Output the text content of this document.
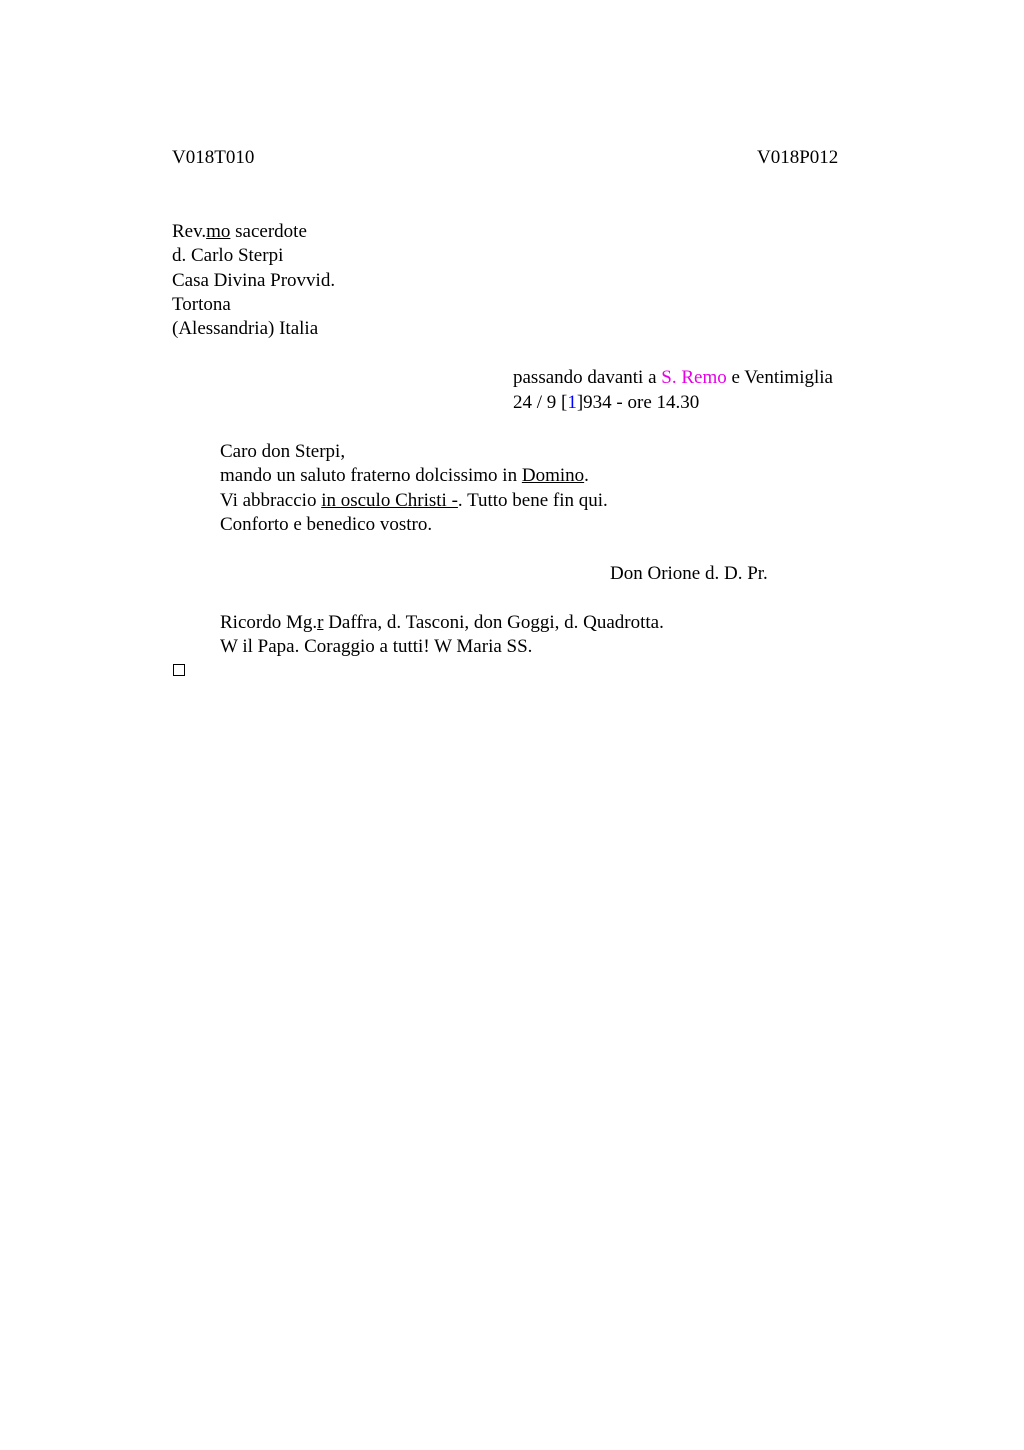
V018T010	V018P012
Rev.mo sacerdote
d. Carlo Sterpi
Casa Divina Provvid.
Tortona
(Alessandria) Italia
passando davanti a S. Remo e Ventimiglia
24 / 9 [1]934 - ore 14.30
Caro don Sterpi,
mando un saluto fraterno dolcissimo in Domino.
Vi abbraccio in osculo Christi -. Tutto bene fin qui.
Conforto e benedico vostro.
Don Orione d. D. Pr.
Ricordo Mg.r Daffra, d. Tasconi, don Goggi, d. Quadrotta.
W il Papa. Coraggio a tutti! W Maria SS.
